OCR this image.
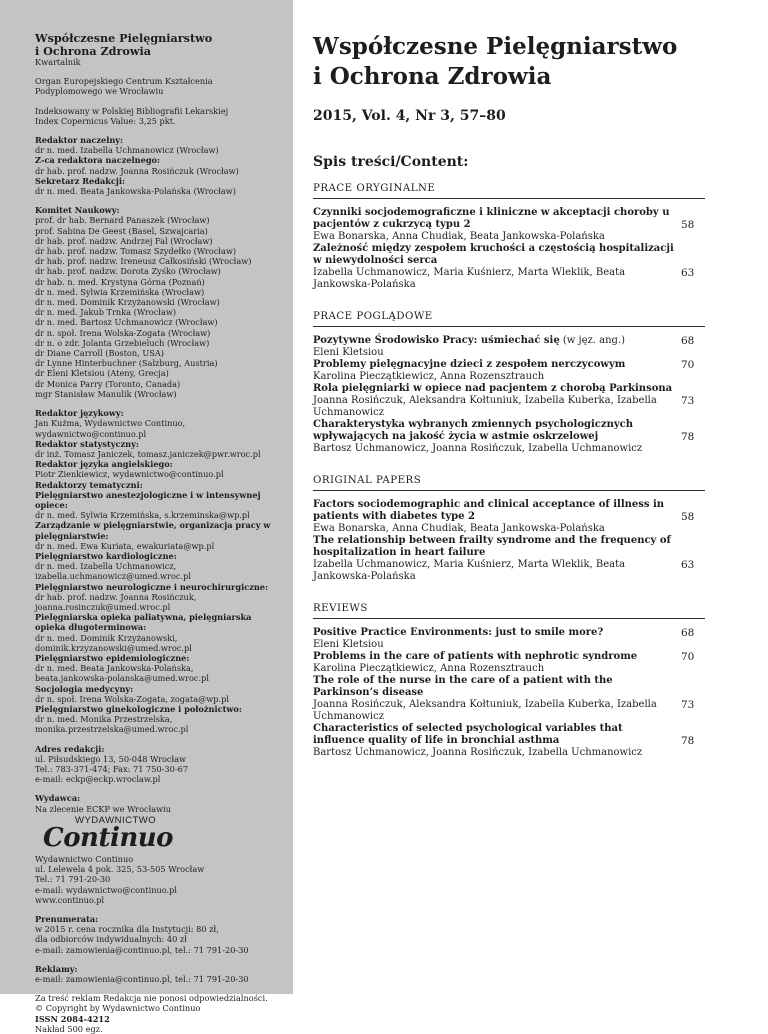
Współczesne Pielęgniarstwo
i Ochrona Zdrowia
Kwartalnik
Organ Europejskiego Centrum Kształcenia
Podyplomowego we Wrocławiu
Indeksowany w Polskiej Bibliografii Lekarskiej
Index Copernicus Value: 3,25 pkt.
Redaktor naczelny:
dr n. med. Izabella Uchmanowicz (Wrocław)
Z-ca redaktora naczelnego:
dr hab. prof. nadzw. Joanna Rosińczuk (Wrocław)
Sekretarz Redakcji:
dr n. med. Beata Jankowska-Polańska (Wrocław)
Komitet Naukowy:
prof. dr hab. Bernard Panaszek (Wrocław)
prof. Sabina De Geest (Basel, Szwajcaria)
dr hab. prof. nadzw. Andrzej Fal (Wrocław)
dr hab. prof. nadzw. Tomasz Szydełko (Wrocław)
dr hab. prof. nadzw. Ireneusz Całkosiński (Wrocław)
dr hab. prof. nadzw. Dorota Zyśko (Wrocław)
dr hab. n. med. Krystyna Górna (Poznań)
dr n. med. Sylwia Krzemińska (Wrocław)
dr n. med. Dominik Krzyżanowski (Wrocław)
dr n. med. Jakub Trnka (Wrocław)
dr n. med. Bartosz Uchmanowicz (Wrocław)
dr n. społ. Irena Wolska-Zogata (Wrocław)
dr n. o zdr. Jolanta Grzebieluch (Wrocław)
dr Diane Carroll (Boston, USA)
dr Lynne Hinterbuchner (Salzburg, Austria)
dr Eleni Kletsiou (Ateny, Grecja)
dr Monica Parry (Toronto, Canada)
mgr Stanisław Manulik (Wrocław)
Redaktor językowy:
Jan Kuźma, Wydawnictwo Continuo,
wydawnictwo@continuo.pl
Redaktor statystyczny:
dr inż. Tomasz Janiczek, tomasz.janiczek@pwr.wroc.pl
Redaktor języka angielskiego:
Piotr Zienkiewicz, wydawnictwo@continuo.pl
Redaktorzy tematyczni:
Pielęgniarstwo anestezjologiczne i w intensywnej opiece:
dr n. med. Sylwia Krzemińska, s.krzeminska@wp.pl
Zarządzanie w pielęgniarstwie, organizacja pracy w pielęgniarstwie:
dr n. med. Ewa Kuriata, ewakuriata@wp.pl
Pielęgniarstwo kardiologiczne:
dr n. med. Izabella Uchmanowicz,
izabella.uchmanowicz@umed.wroc.pl
Pielęgniarstwo neurologiczne i neurochirurgiczne:
dr hab. prof. nadzw. Joanna Rosińczuk,
joanna.rosinczuk@umed.wroc.pl
Pielęgniarska opieka paliatywna, pielęgniarska opieka długoterminowa:
dr n. med. Dominik Krzyżanowski,
dominik.krzyzanowski@umed.wroc.pl
Pielęgniarstwo epidemiologiczne:
dr n. med. Beata Jankowska-Polańska,
beata.jankowska-polanska@umed.wroc.pl
Socjologia medycyny:
dr n. społ. Irena Wolska-Zogata, zogata@wp.pl
Pielęgniarstwo ginekologiczne i położnictwo:
dr n. med. Monika Przestrzelska,
monika.przestrzelska@umed.wroc.pl
Adres redakcji:
ul. Piłsudskiego 13, 50-048 Wrocław
Tel.: 783-371-474; Fax: 71 750-30-67
e-mail: eckp@eckp.wroclaw.pl
Wydawca:
Na zlecenie ECKP we Wrocławiu
WYDAWNICTWO
Continuo
Wydawnictwo Continuo
ul. Lelewela 4 pok. 325, 53-505 Wrocław
Tel.: 71 791-20-30
e-mail: wydawnictwo@continuo.pl
www.continuo.pl
Prenumerata:
w 2015 r. cena rocznika dla Instytucji: 80 zł,
dla odbiorców indywidualnych: 40 zł
e-mail: zamowienia@continuo.pl, tel.: 71 791-20-30
Reklamy:
e-mail: zamowienia@continuo.pl, tel.: 71 791-20-30
Za treść reklam Redakcja nie ponosi odpowiedzialności.
© Copyright by Wydawnictwo Continuo
ISSN 2084-4212
Nakład 500 egz.
Współczesne Pielęgniarstwo
i Ochrona Zdrowia
2015, Vol. 4, Nr 3, 57–80
Spis treści/Content:
PRACE ORYGINALNE
Czynniki socjodemograficzne i kliniczne w akceptacji choroby u pacjentów z cukrzycą typu 2
Ewa Bonarska, Anna Chudiak, Beata Jankowska-Polańska
58
Zależność między zespołem kruchości a częstością hospitalizacji w niewydolności serca
Izabella Uchmanowicz, Maria Kuśnierz, Marta Wleklik, Beata Jankowska-Polańska
63
PRACE POGLĄDOWE
Pozytywne Środowisko Pracy: uśmiechać się (w jęz. ang.)
Eleni Kletsiou
68
Problemy pielęgnacyjne dzieci z zespołem nerczycowym
Karolina Pieczątkiewicz, Anna Rozensztrauch
70
Rola pielęgniarki w opiece nad pacjentem z chorobą Parkinsona
Joanna Rosińczuk, Aleksandra Kołtuniuk, Izabella Kuberka, Izabella Uchmanowicz
73
Charakterystyka wybranych zmiennych psychologicznych wpływających na jakość życia w astmie oskrzelowej
Bartosz Uchmanowicz, Joanna Rosińczuk, Izabella Uchmanowicz
78
ORIGINAL PAPERS
Factors sociodemographic and clinical acceptance of illness in patients with diabetes type 2
Ewa Bonarska, Anna Chudiak, Beata Jankowska-Polańska
58
The relationship between frailty syndrome and the frequency of hospitalization in heart failure
Izabella Uchmanowicz, Maria Kuśnierz, Marta Wleklik, Beata Jankowska-Polańska
63
REVIEWS
Positive Practice Environments: just to smile more?
Eleni Kletsiou
68
Problems in the care of patients with nephrotic syndrome
Karolina Pieczątkiewicz, Anna Rozensztrauch
70
The role of the nurse in the care of a patient with the Parkinson’s disease
Joanna Rosińczuk, Aleksandra Kołtuniuk, Izabella Kuberka, Izabella Uchmanowicz
73
Characteristics of selected psychological variables that influence quality of life in bronchial asthma
Bartosz Uchmanowicz, Joanna Rosińczuk, Izabella Uchmanowicz
78
